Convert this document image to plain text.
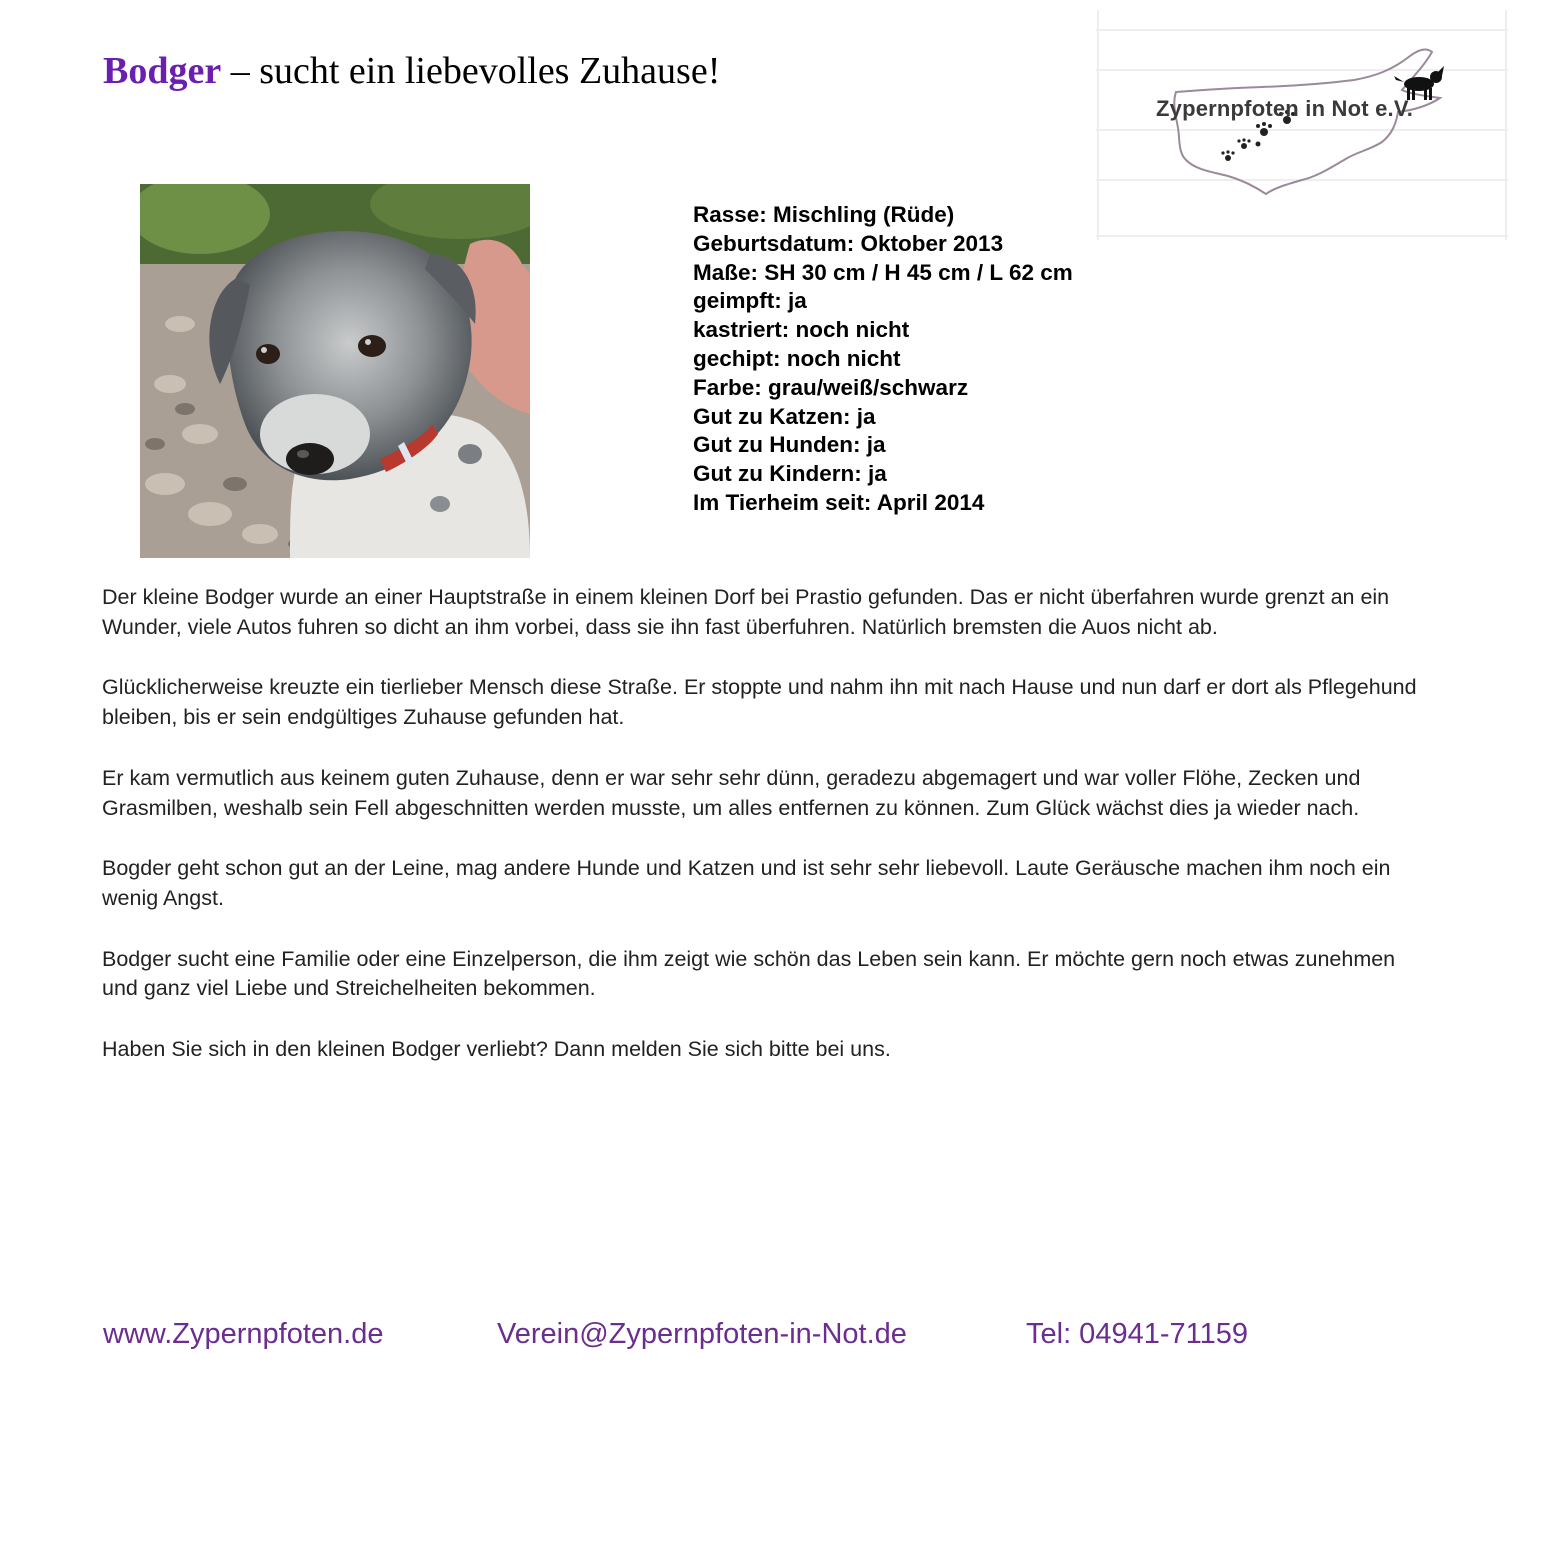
Bodger – sucht ein liebevolles Zuhause!
Zypernpfoten in Not e.V.
Rasse: Mischling (Rüde)
Geburtsdatum: Oktober 2013
Maße: SH 30 cm / H 45 cm / L 62 cm
geimpft: ja
kastriert: noch nicht
gechipt: noch nicht
Farbe: grau/weiß/schwarz
Gut zu Katzen: ja
Gut zu Hunden: ja
Gut zu Kindern: ja
Im Tierheim seit: April 2014

Der kleine Bodger wurde an einer Hauptstraße in einem kleinen Dorf bei Prastio gefunden. Das er nicht überfahren wurde grenzt an ein Wunder, viele Autos fuhren so dicht an ihm vorbei, dass sie ihn fast überfuhren. Natürlich bremsten die Auos nicht ab.

Glücklicherweise kreuzte ein tierlieber Mensch diese Straße. Er stoppte und nahm ihn mit nach Hause und nun darf er dort als Pflegehund bleiben, bis er sein endgültiges Zuhause gefunden hat.

Er kam vermutlich aus keinem guten Zuhause, denn er war sehr sehr dünn, geradezu abgemagert und war voller Flöhe, Zecken und Grasmilben, weshalb sein Fell abgeschnitten werden musste, um alles entfernen zu können. Zum Glück wächst dies ja wieder nach.

Bogder geht schon gut an der Leine, mag andere Hunde und Katzen und ist sehr sehr liebevoll. Laute Geräusche machen ihm noch ein wenig Angst.

Bodger sucht eine Familie oder eine Einzelperson, die ihm zeigt wie schön das Leben sein kann. Er möchte gern noch etwas zunehmen und ganz viel Liebe und Streichelheiten bekommen.

Haben Sie sich in den kleinen Bodger verliebt? Dann melden Sie sich bitte bei uns.

www.Zypernpfoten.de	Verein@Zypernpfoten-in-Not.de	Tel: 04941-71159
